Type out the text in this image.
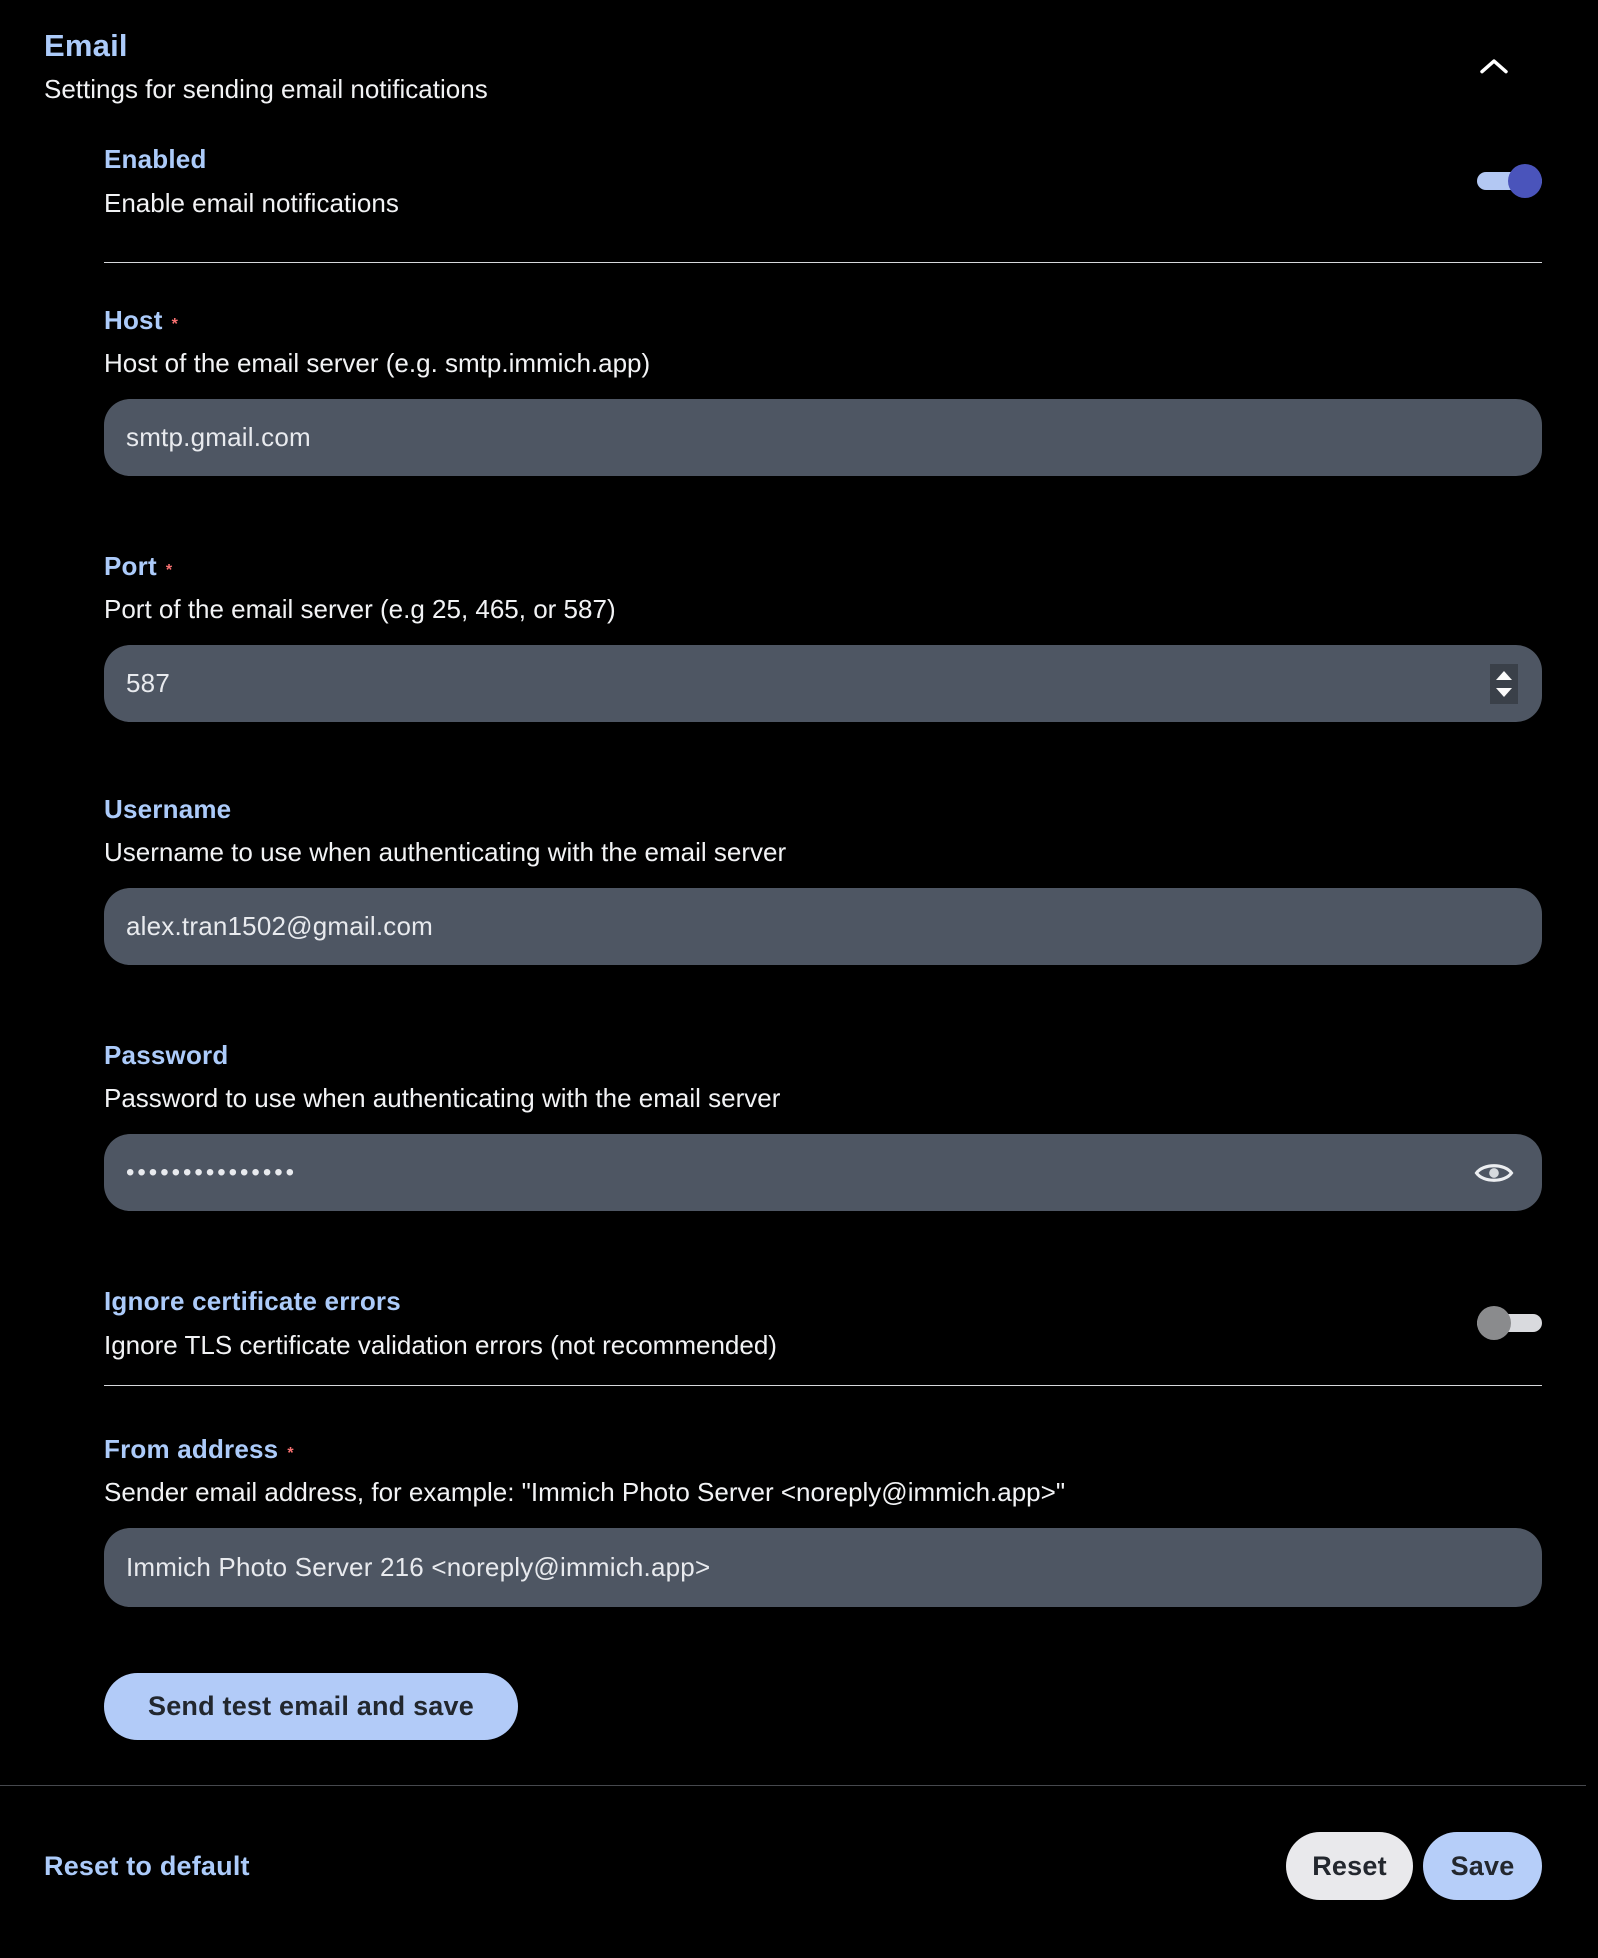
Email
Settings for sending email notifications
Enabled
Enable email notifications
Host *
Host of the email server (e.g. smtp.immich.app)
smtp.gmail.com
Port *
Port of the email server (e.g 25, 465, or 587)
587
Username
Username to use when authenticating with the email server
alex.tran1502@gmail.com
Password
Password to use when authenticating with the email server
•••••••••••••••
Ignore certificate errors
Ignore TLS certificate validation errors (not recommended)
From address *
Sender email address, for example: "Immich Photo Server <noreply@immich.app>"
Immich Photo Server 216 <noreply@immich.app>
Send test email and save
Reset to default	Reset	Save
